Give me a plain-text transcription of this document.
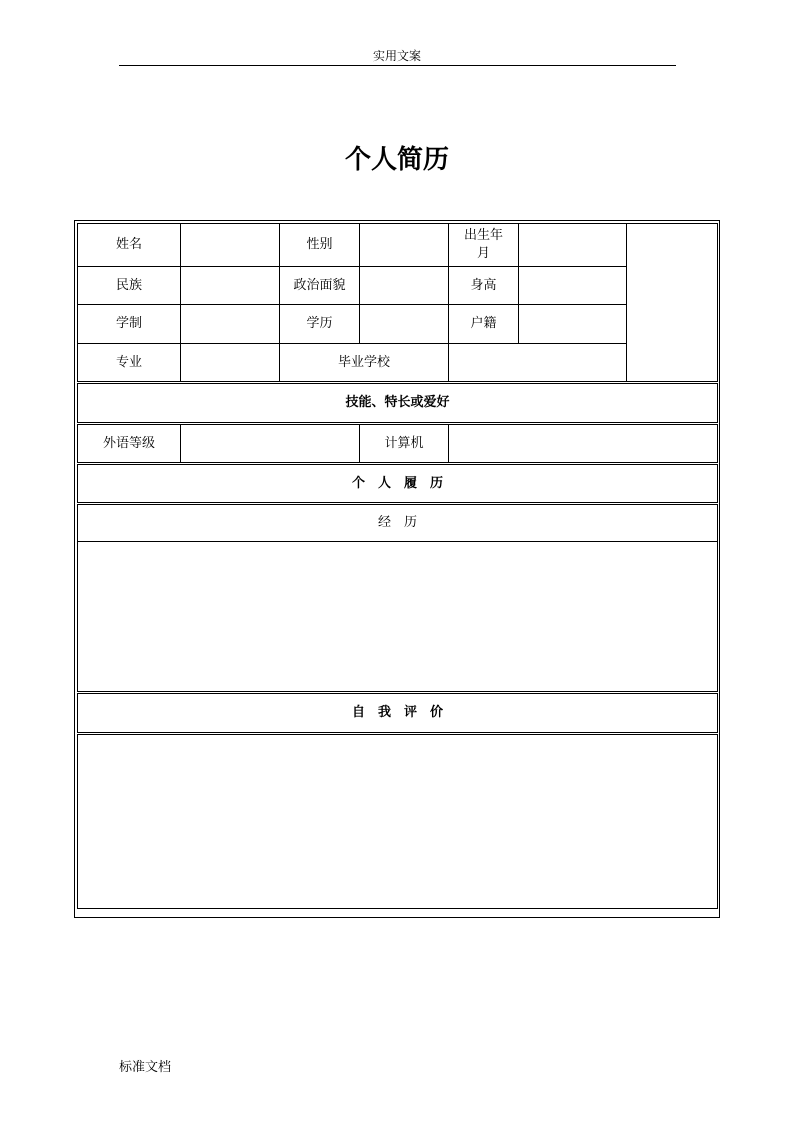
实用文案
个人简历
姓名		性别		出生年月		

民族		政治面貌		身高		
学制		学历		户籍		
专业		毕业学校				

技能、特长或爱好						

外语等级			计算机			

个　人　履　历						

经　历						

自　我　评　价						

标准文档
